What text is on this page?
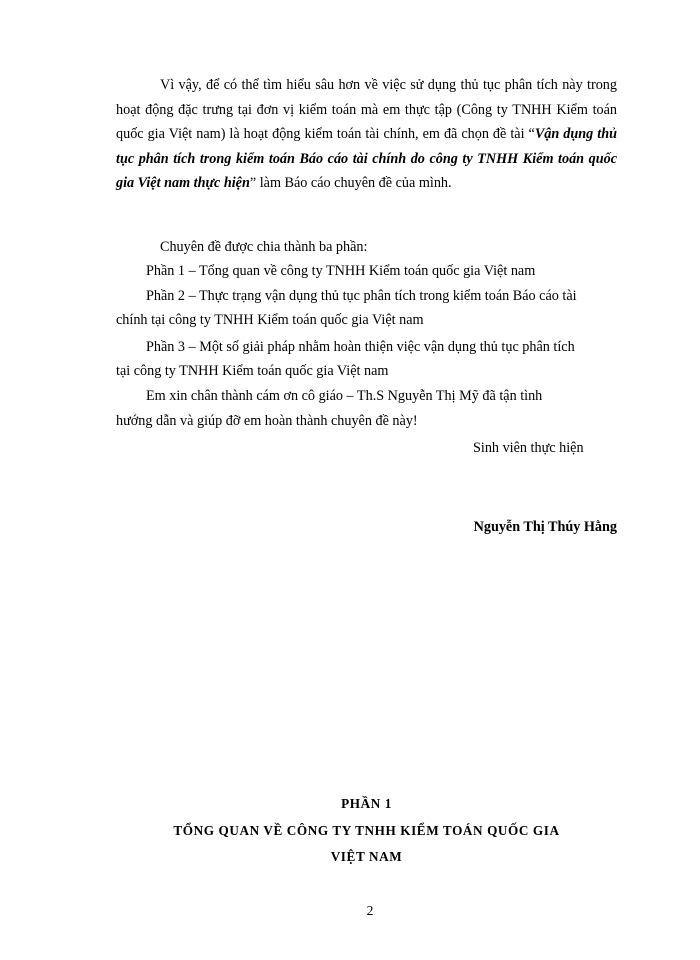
Vì vậy, để có thể tìm hiểu sâu hơn về việc sử dụng thủ tục phân tích này trong hoạt động đặc trưng tại đơn vị kiểm toán mà em thực tập (Công ty TNHH Kiểm toán quốc gia Việt nam) là hoạt động kiểm toán tài chính, em đã chọn đề tài “Vận dụng thủ tục phân tích trong kiểm toán Báo cáo tài chính do công ty TNHH Kiểm toán quốc gia Việt nam thực hiện” làm Báo cáo chuyên đề của mình.

Chuyên đề được chia thành ba phần:
Phần 1 – Tổng quan về công ty TNHH Kiểm toán quốc gia Việt nam
Phần 2 – Thực trạng vận dụng thủ tục phân tích trong kiểm toán Báo cáo tài
chính tại công ty TNHH Kiểm toán quốc gia Việt nam
Phần 3 – Một số giải pháp nhằm hoàn thiện việc vận dụng thủ tục phân tích
tại công ty TNHH Kiểm toán quốc gia Việt nam
Em xin chân thành cám ơn cô giáo – Th.S Nguyễn Thị Mỹ đã tận tình
hướng dẫn và giúp đỡ em hoàn thành chuyên đề này!
Sinh viên thực hiện
Nguyễn Thị Thúy Hằng
PHẦN 1
TỔNG QUAN VỀ CÔNG TY TNHH KIỂM TOÁN QUỐC GIA
VIỆT NAM
2
